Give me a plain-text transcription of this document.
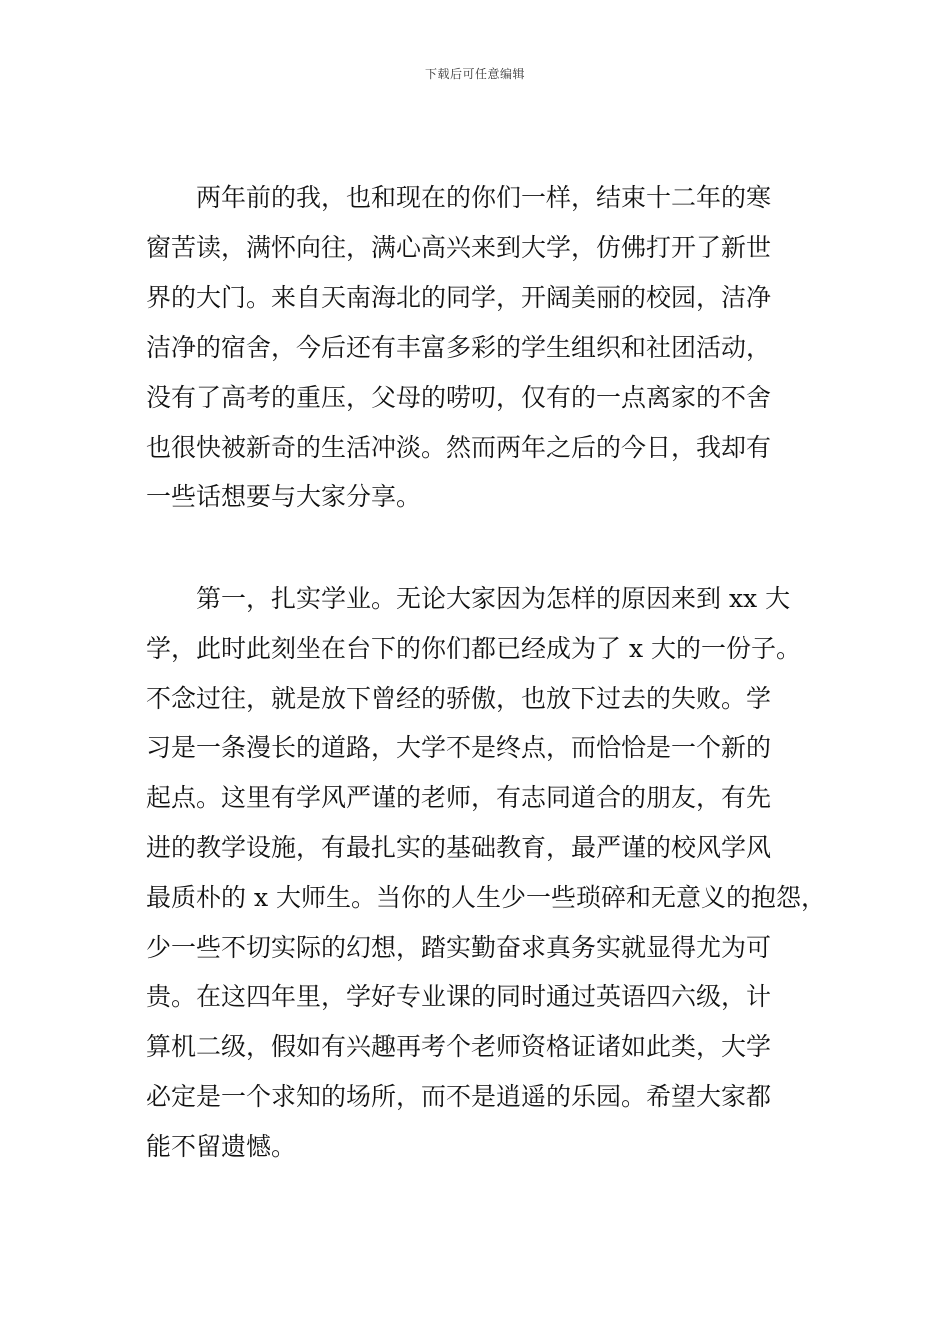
下载后可任意编辑
两年前的我，也和现在的你们一样，结束十二年的寒
窗苦读，满怀向往，满心高兴来到大学，仿佛打开了新世
界的大门。来自天南海北的同学，开阔美丽的校园，洁净
洁净的宿舍，今后还有丰富多彩的学生组织和社团活动，
没有了高考的重压，父母的唠叨，仅有的一点离家的不舍
也很快被新奇的生活冲淡。然而两年之后的今日，我却有
一些话想要与大家分享。
第一，扎实学业。无论大家因为怎样的原因来到 xx 大
学，此时此刻坐在台下的你们都已经成为了 x 大的一份子。
不念过往，就是放下曾经的骄傲，也放下过去的失败。学
习是一条漫长的道路，大学不是终点，而恰恰是一个新的
起点。这里有学风严谨的老师，有志同道合的朋友，有先
进的教学设施，有最扎实的基础教育，最严谨的校风学风
最质朴的 x 大师生。当你的人生少一些琐碎和无意义的抱怨，
少一些不切实际的幻想，踏实勤奋求真务实就显得尤为可
贵。在这四年里，学好专业课的同时通过英语四六级，计
算机二级，假如有兴趣再考个老师资格证诸如此类，大学
必定是一个求知的场所，而不是逍遥的乐园。希望大家都
能不留遗憾。
